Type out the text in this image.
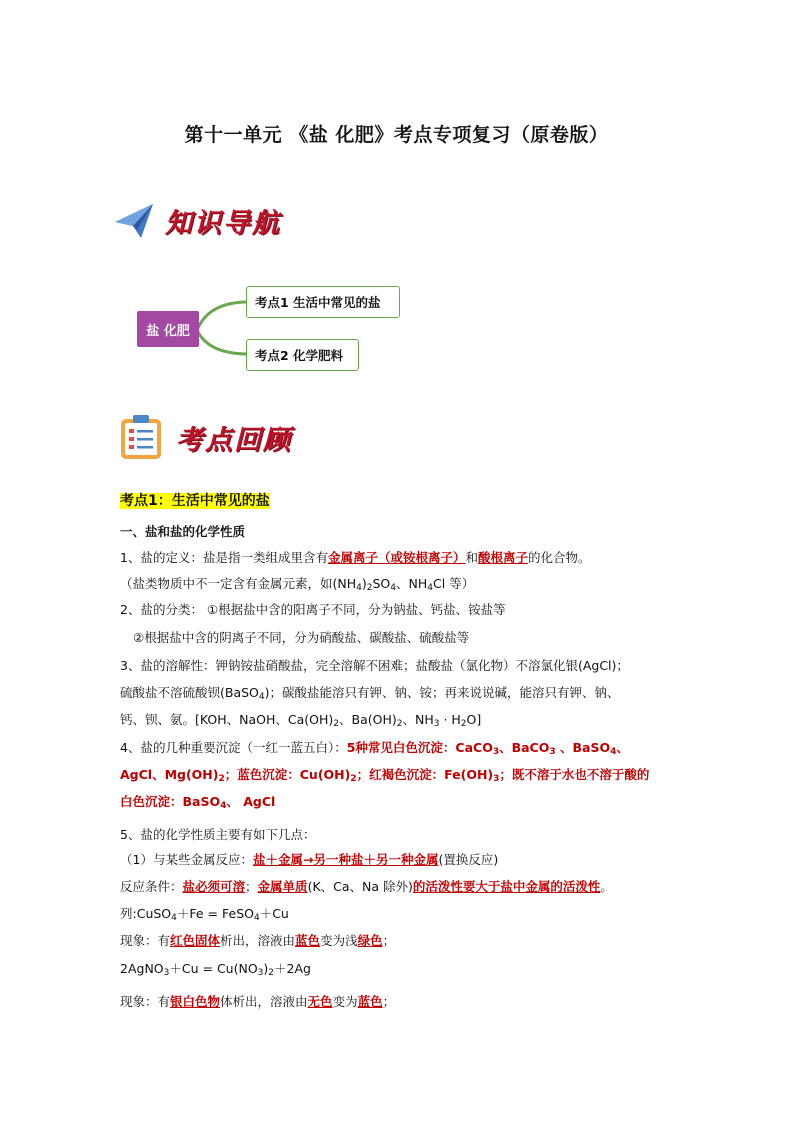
第十一单元 《盐 化肥》考点专项复习（原卷版）
知识导航
盐 化肥
考点1 生活中常见的盐
考点2 化学肥料
考点回顾
考点1：生活中常见的盐
一、盐和盐的化学性质
1、盐的定义：盐是指一类组成里含有金属离子（或铵根离子）和酸根离子的化合物。
（盐类物质中不一定含有金属元素，如$(NH_4)_2SO_4$、$NH_4Cl$ 等）
2、盐的分类： ①根据盐中含的阳离子不同，分为钠盐、钙盐、铵盐等
②根据盐中含的阴离子不同，分为硝酸盐、碳酸盐、硫酸盐等
3、盐的溶解性：钾钠铵盐硝酸盐，完全溶解不困难；盐酸盐（氯化物）不溶氯化银(AgCl)；
硫酸盐不溶硫酸钡(BaSO$_4$)；碳酸盐能溶只有钾、钠、铵；再来说说碱，能溶只有钾、钠、
钙、钡、氨。[KOH、NaOH、$Ca(OH)_2$、$Ba(OH)_2$、$NH_3 \cdot H_2O$]
4、盐的几种重要沉淀（一红一蓝五白）：5种常见白色沉淀：CaCO$_3$、BaCO$_3$ 、BaSO$_4$、
AgCl、$Mg(OH)_2$；蓝色沉淀：$Cu(OH)_2$；红褐色沉淀：$Fe(OH)_3$；既不溶于水也不溶于酸的
白色沉淀：BaSO$_4$、 AgCl
5、盐的化学性质主要有如下几点：
（1）与某些金属反应：盐＋金属→另一种盐＋另一种金属(置换反应)
反应条件：盐必须可溶；金属单质(K、Ca、Na 除外)的活泼性要大于盐中金属的活泼性。
列:CuSO$_4$＋Fe = FeSO$_4$＋Cu
现象：有红色固体析出，溶液由蓝色变为浅绿色；
2AgNO$_3$＋Cu = $Cu(NO_3)_2+2Ag$
现象：有银白色物体析出，溶液由无色变为蓝色；
